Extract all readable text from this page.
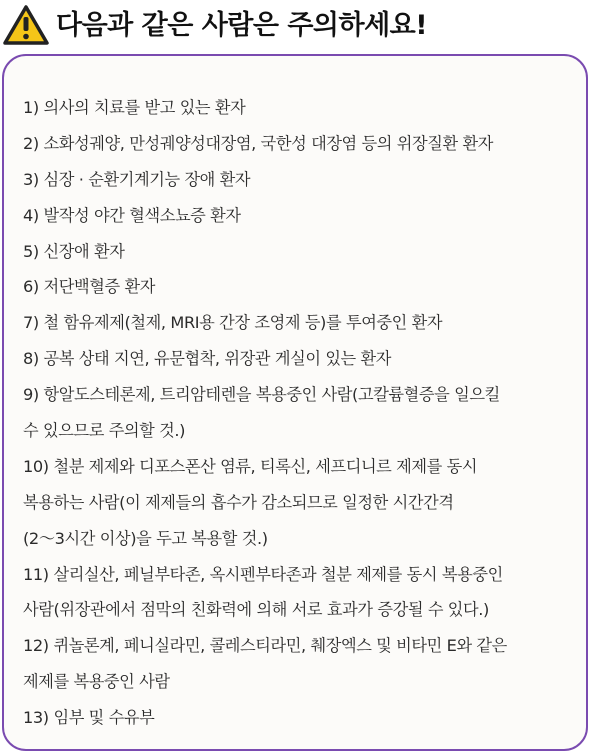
다음과 같은 사람은 주의하세요!
1) 의사의 치료를 받고 있는 환자
2) 소화성궤양, 만성궤양성대장염, 국한성 대장염 등의 위장질환 환자
3) 심장 · 순환기계기능 장애 환자
4) 발작성 야간 혈색소뇨증 환자
5) 신장애 환자
6) 저단백혈증 환자
7) 철 함유제제(철제, MRI용 간장 조영제 등)를 투여중인 환자
8) 공복 상태 지연, 유문협착, 위장관 게실이 있는 환자
9) 항알도스테론제, 트리암테렌을 복용중인 사람(고칼륨혈증을 일으킬
수 있으므로 주의할 것.)
10) 철분 제제와 디포스폰산 염류, 티록신, 세프디니르 제제를 동시
복용하는 사람(이 제제들의 흡수가 감소되므로 일정한 시간간격
(2～3시간 이상)을 두고 복용할 것.)
11) 살리실산, 페닐부타존, 옥시펜부타존과 철분 제제를 동시 복용중인
사람(위장관에서 점막의 친화력에 의해 서로 효과가 증강될 수 있다.)
12) 퀴놀론계, 페니실라민, 콜레스티라민, 췌장엑스 및 비타민 E와 같은
제제를 복용중인 사람
13) 임부 및 수유부
